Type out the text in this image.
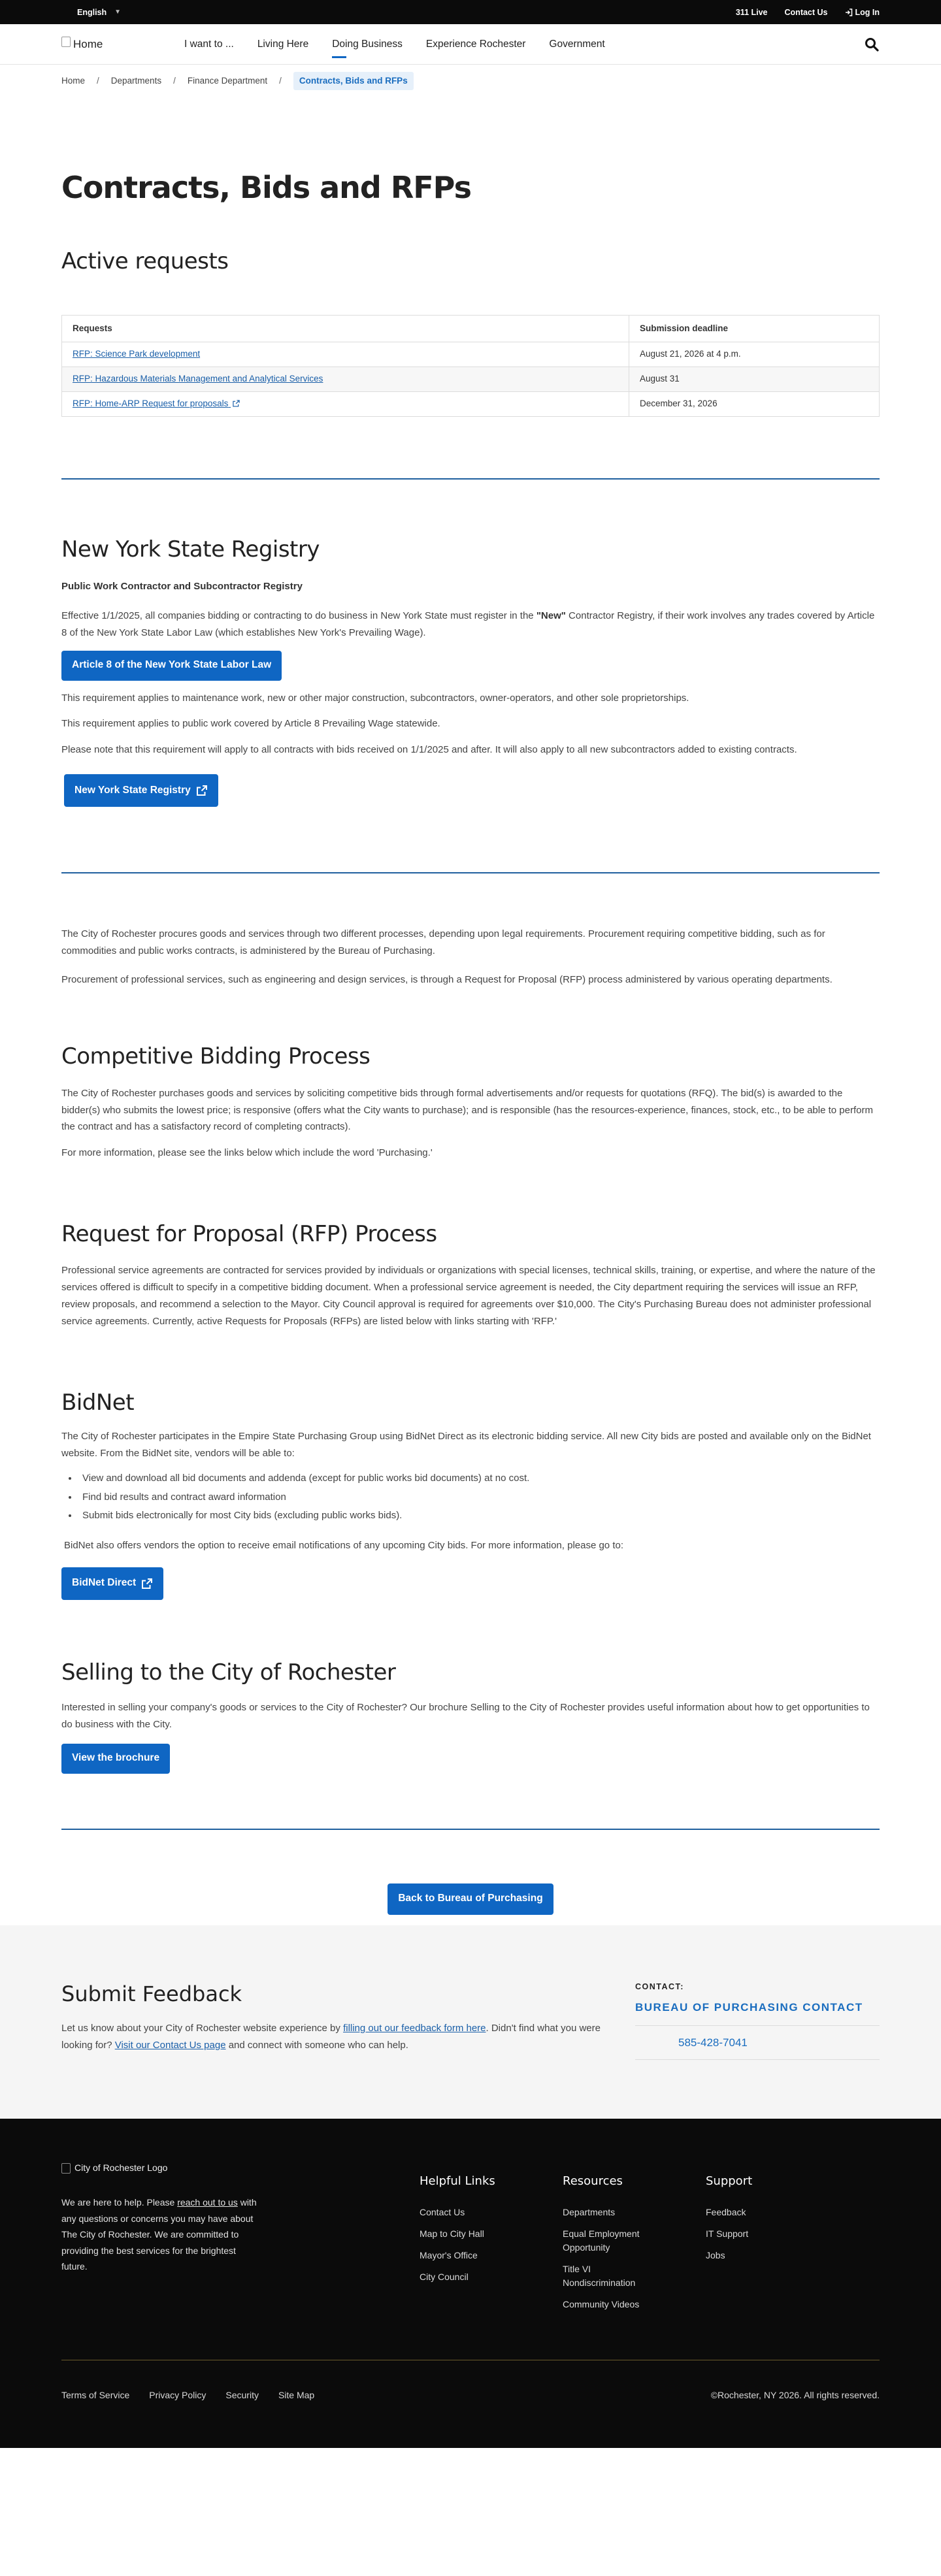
English ▼	311 Live Contact Us	Log In
Home	I want to ...	Living Here	Doing Business	Experience Rochester	Government
Home / Departments / Finance Department /	Contracts, Bids and RFPs
Contracts, Bids and RFPs
Active requests
Requests	Submission deadline
RFP: Science Park development	August 21, 2026 at 4 p.m.
RFP: Hazardous Materials Management and Analytical Services	August 31
RFP: Home-ARP Request for proposals	December 31, 2026
New York State Registry
Public Work Contractor and Subcontractor Registry

Effective 1/1/2025, all companies bidding or contracting to do business in New York State must register in the "New" Contractor Registry, if their work involves any trades covered by Article 8 of the New York State Labor Law (which establishes New York's Prevailing Wage).

Article 8 of the New York State Labor Law

This requirement applies to maintenance work, new or other major construction, subcontractors, owner-operators, and other sole proprietorships.

This requirement applies to public work covered by Article 8 Prevailing Wage statewide.

Please note that this requirement will apply to all contracts with bids received on 1/1/2025 and after. It will also apply to all new subcontractors added to existing contracts.

New York State Registry

The City of Rochester procures goods and services through two different processes, depending upon legal requirements. Procurement requiring competitive bidding, such as for commodities and public works contracts, is administered by the Bureau of Purchasing.

Procurement of professional services, such as engineering and design services, is through a Request for Proposal (RFP) process administered by various operating departments.

Competitive Bidding Process

The City of Rochester purchases goods and services by soliciting competitive bids through formal advertisements and/or requests for quotations (RFQ). The bid(s) is awarded to the bidder(s) who submits the lowest price; is responsive (offers what the City wants to purchase); and is responsible (has the resources-experience, finances, stock, etc., to be able to perform the contract and has a satisfactory record of completing contracts).

For more information, please see the links below which include the word 'Purchasing.'

Request for Proposal (RFP) Process

Professional service agreements are contracted for services provided by individuals or organizations with special licenses, technical skills, training, or expertise, and where the nature of the services offered is difficult to specify in a competitive bidding document. When a professional service agreement is needed, the City department requiring the services will issue an RFP, review proposals, and recommend a selection to the Mayor. City Council approval is required for agreements over $10,000. The City's Purchasing Bureau does not administer professional service agreements. Currently, active Requests for Proposals (RFPs) are listed below with links starting with 'RFP.'

BidNet

The City of Rochester participates in the Empire State Purchasing Group using BidNet Direct as its electronic bidding service. All new City bids are posted and available only on the BidNet website. From the BidNet site, vendors will be able to:

• View and download all bid documents and addenda (except for public works bid documents) at no cost.
• Find bid results and contract award information
• Submit bids electronically for most City bids (excluding public works bids).

BidNet also offers vendors the option to receive email notifications of any upcoming City bids. For more information, please go to:

BidNet Direct
Selling to the City of Rochester

Interested in selling your company's goods or services to the City of Rochester? Our brochure Selling to the City of Rochester provides useful information about how to get opportunities to do business with the City.

View the brochure
Back to Bureau of Purchasing
Submit Feedback

Let us know about your City of Rochester website experience by filling out our feedback form here. Didn't find what you were looking for? Visit our Contact Us page and connect with someone who can help.

CONTACT:
BUREAU OF PURCHASING CONTACT
585-428-7041
City of Rochester Logo

We are here to help. Please reach out to us with any questions or concerns you may have about The City of Rochester. We are committed to providing the best services for the brightest future.

Helpful Links
Contact Us
Map to City Hall
Mayor's Office
City Council
Resources
Departments
Equal Employment Opportunity
Title VI Nondiscrimination
Community Videos
Support
Feedback
IT Support
Jobs
Terms of Service Privacy Policy Security Site Map	©Rochester, NY 2026. All rights reserved.
